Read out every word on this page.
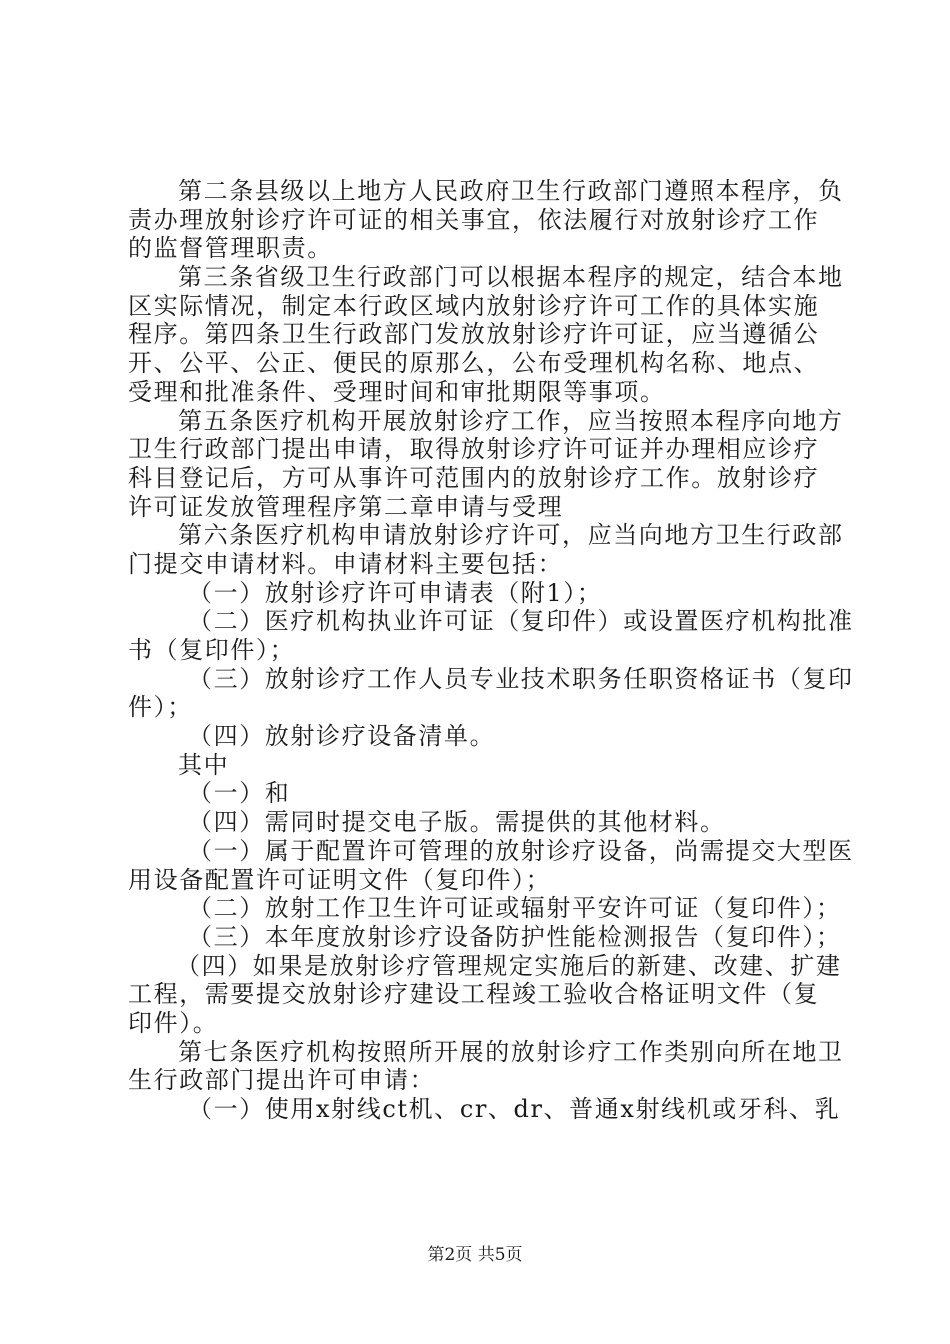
第二条县级以上地方人民政府卫生行政部门遵照本程序，负
责办理放射诊疗许可证的相关事宜，依法履行对放射诊疗工作
的监督管理职责。
第三条省级卫生行政部门可以根据本程序的规定，结合本地
区实际情况，制定本行政区域内放射诊疗许可工作的具体实施
程序。第四条卫生行政部门发放放射诊疗许可证，应当遵循公
开、公平、公正、便民的原那么，公布受理机构名称、地点、
受理和批准条件、受理时间和审批期限等事项。
第五条医疗机构开展放射诊疗工作，应当按照本程序向地方
卫生行政部门提出申请，取得放射诊疗许可证并办理相应诊疗
科目登记后，方可从事许可范围内的放射诊疗工作。放射诊疗
许可证发放管理程序第二章申请与受理
第六条医疗机构申请放射诊疗许可，应当向地方卫生行政部
门提交申请材料。申请材料主要包括：
（一）放射诊疗许可申请表（附1）；
（二）医疗机构执业许可证（复印件）或设置医疗机构批准
书（复印件）；
（三）放射诊疗工作人员专业技术职务任职资格证书（复印
件）；
（四）放射诊疗设备清单。
其中
（一）和
（四）需同时提交电子版。需提供的其他材料。
（一）属于配置许可管理的放射诊疗设备，尚需提交大型医
用设备配置许可证明文件（复印件）；
（二）放射工作卫生许可证或辐射平安许可证（复印件）；
（三）本年度放射诊疗设备防护性能检测报告（复印件）；
（四）如果是放射诊疗管理规定实施后的新建、改建、扩建
工程，需要提交放射诊疗建设工程竣工验收合格证明文件（复
印件）。
第七条医疗机构按照所开展的放射诊疗工作类别向所在地卫
生行政部门提出许可申请：
（一）使用x射线ct机、cr、dr、普通x射线机或牙科、乳
第2页 共5页
